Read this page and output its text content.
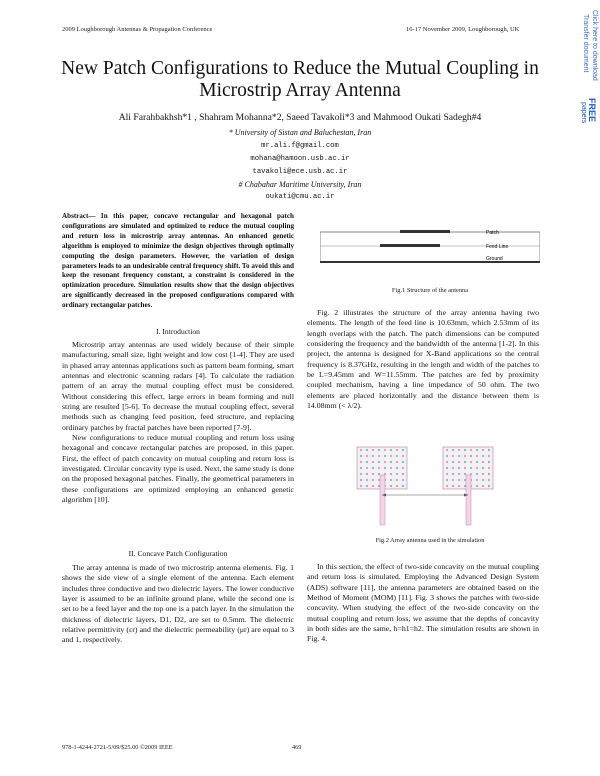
2009 Loughborough Antennas & Propagation Conference	16-17 November 2009, Loughborough, UK	Click here to download
Transfer document
FREE
papers
New Patch Configurations to Reduce the Mutual Coupling in Microstrip Array Antenna
Ali Farahbakhsh*1 , Shahram Mohanna*2, Saeed Tavakoli*3 and Mahmood Oukati Sadegh#4
* University of Sistan and Baluchestan, Iran
mr.ali.f@gmail.com
mohana@hamoon.usb.ac.ir
tavakoli@ece.usb.ac.ir
# Chabahar Maritime University, Iran
oukati@cmu.ac.ir
Abstract— In this paper, concave rectangular and hexagonal patch configurations are simulated and optimized to reduce the mutual coupling and return loss in microstrip array antennas. An enhanced genetic algorithm is employed to minimize the design objectives through optimally computing the design parameters. However, the variation of design parameters leads to an undesirable central frequency shift. To avoid this and keep the resonant frequency constant, a constraint is considered in the optimization procedure. Simulation results show that the design objectives are significantly decreased in the proposed configurations compared with ordinary rectangular patches.
I. Introduction

Microstrip array antennas are used widely because of their simple manufacturing, small size, light weight and low cost [1-4]. They are used in phased array antennas applications such as pattern beam forming, smart antennas and electronic scanning radars [4]. To calculate the radiation pattern of an array the mutual coupling effect must be considered. Without considering this effect, large errors in beam forming and null string are resulted [5-6]. To decrease the mutual coupling effect, several methods such as changing feed position, feed structure, and replacing ordinary patches by fractal patches have been reported [7-9].

New configurations to reduce mutual coupling and return loss using hexagonal and concave rectangular patches are proposed, in this paper. First, the effect of patch concavity on mutual coupling and return loss is investigated. Circular concavity type is used. Next, the same study is done on the proposed hexagonal patches. Finally, the geometrical parameters in these configurations are optimized employing an enhanced genetic algorithm [10].

II. Concave Patch Configuration

The array antenna is made of two microstrip antenna elements. Fig. 1 shows the side view of a single element of the antenna. Each element includes three conductive and two dielectric layers. The lower conductive layer is assumed to be an infinite ground plane, while the second one is set to be a feed layer and the top one is a patch layer. In the simulation the thickness of dielectric layers, D1, D2, are set to 0.5mm. The dielectric relative permittivity (εr) and the dielectric permeability (μr) are equal to 3 and 1, respectively.

Patch
Feed Line
Ground
Fig.1 Structure of the antenna

Fig. 2 illustrates the structure of the array antenna having two elements. The length of the feed line is 10.63mm, which 2.53mm of its length overlaps with the patch. The patch dimensions can be computed considering the frequency and the bandwidth of the antenna [1-2]. In this project, the antenna is designed for X-Band applications so the central frequency is 8.37GHz, resulting in the length and width of the patches to be L=9.45mm and W=11.55mm. The patches are fed by proximity coupled mechanism, having a line impedance of 50 ohm. The two elements are placed horizontally and the distance between them is 14.08mm (< λ/2).

Fig.2 Array antenna used in the simulation

In this section, the effect of two-side concavity on the mutual coupling and return loss is simulated. Employing the Advanced Design System (ADS) software [11], the antenna parameters are obtained based on the Method of Moment (MOM) [11]. Fig. 3 shows the patches with two-side concavity. When studying the effect of the two-side concavity on the mutual coupling and return loss, we assume that the depths of concavity in both sides are the same, h=h1=h2. The simulation results are shown in Fig. 4.

978-1-4244-2721-5/09/$25.00 ©2009 IEEE	469
